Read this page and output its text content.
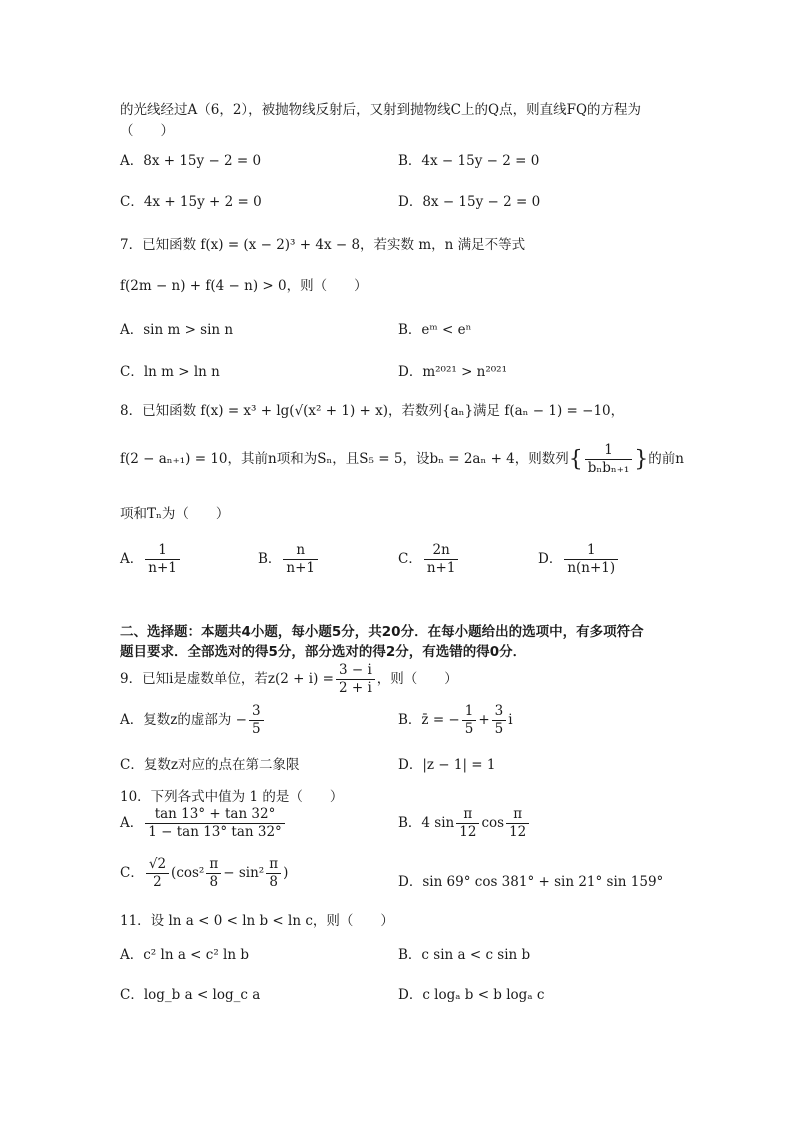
的光线经过A（6，2），被抛物线反射后，又射到抛物线C上的Q点，则直线FQ的方程为
（　　）
A．8x + 15y − 2 = 0	B．4x − 15y − 2 = 0
C．4x + 15y + 2 = 0	D．8x − 15y − 2 = 0
7．已知函数 f(x) = (x − 2)³ + 4x − 8，若实数 m，n 满足不等式
f(2m − n) + f(4 − n) > 0，则（　　）
A．sin m > sin n	B．eᵐ < eⁿ
C．ln m > ln n	D．m²⁰²¹ > n²⁰²¹
8．已知函数 f(x) = x³ + lg(√(x² + 1) + x)，若数列{aₙ}满足 f(aₙ − 1) = −10，
f(2 − aₙ₊₁) = 10，其前n项和为Sₙ，且S₅ = 5，设bₙ = 2aₙ + 4，则数列{ $\frac{1}{\text{bₙbₙ₊₁}}$ }的前n
项和Tₙ为（　　）
A． $\frac{1}{n+1}$	B． $\frac{n}{n+1}$	C． $\frac{2n}{n+1}$	D． $\frac{1}{n(n+1)}$
二、选择题：本题共4小题，每小题5分，共20分．在每小题给出的选项中，有多项符合
题目要求．全部选对的得5分，部分选对的得2分，有选错的得0分．
9．已知i是虚数单位，若$z(2 + i) = \frac{3 - i}{2 + i}$ ，则（　　）
A．复数z的虚部为 − $\frac{3}{5}$	B．z̄ = − $\frac{1}{5} + \frac{3}{5}$ i
C．复数z对应的点在第二象限	D．|z − 1| = 1
10．下列各式中值为 1 的是（　　）
A． $\frac{\tan 13^\circ + \tan 32^\circ}{1 - \tan 13^\circ \tan 32^\circ}$	B．4 $\sin \frac{\pi}{12}$ $\cos \frac{\pi}{12}$
C． $\frac{√2}{2} (\cos^2 \frac{\pi}{8} - \sin^2 \frac{\pi}{8}$ )
D．sin 69° cos 381° + sin 21° sin 159°
11．设 ln a < 0 < ln b < ln c，则（　　）
A．c² ln a < c² ln b	B．c sin a < c sin b
C．log_b a < log_c a	D．c logₐ b < b logₐ c
